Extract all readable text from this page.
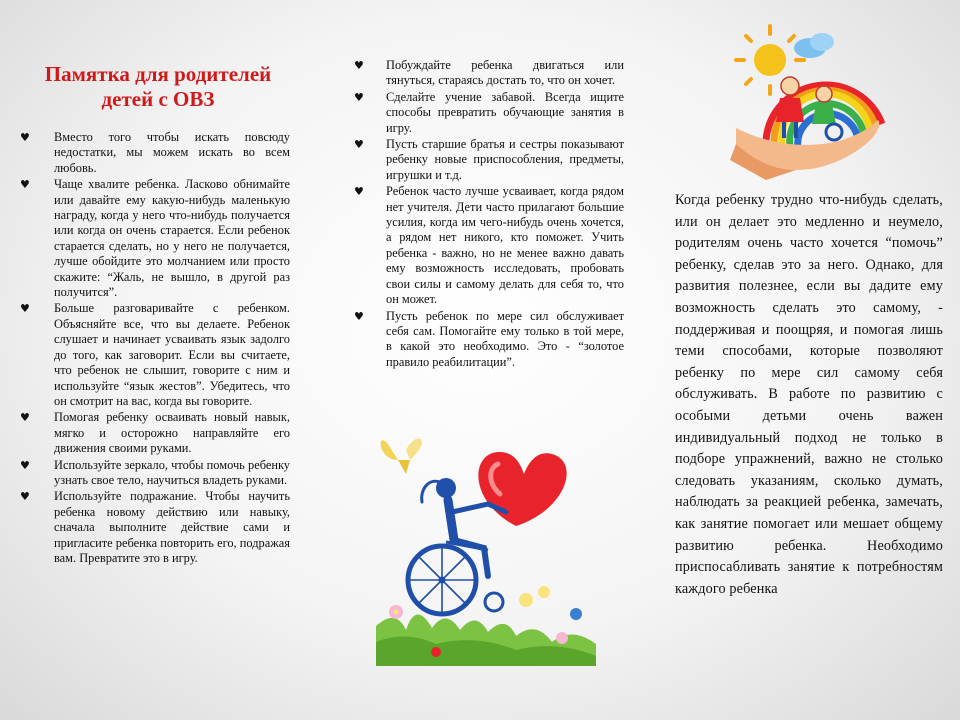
Памятка для родителей
детей с ОВЗ
♥ Вместо того чтобы искать повсюду недостатки, мы можем искать во всем любовь.
♥ Чаще хвалите ребенка. Ласково обнимайте или давайте ему какую-нибудь маленькую награду, когда у него что-нибудь получается или когда он очень старается. Если ребенок старается сделать, но у него не получается, лучше обойдите это молчанием или просто скажите: “Жаль, не вышло, в другой раз получится”.
♥ Больше разговаривайте с ребенком. Объясняйте все, что вы делаете. Ребенок слушает и начинает усваивать язык задолго до того, как заговорит. Если вы считаете, что ребенок не слышит, говорите с ним и используйте “язык жестов”. Убедитесь, что он смотрит на вас, когда вы говорите.
♥ Помогая ребенку осваивать новый навык, мягко и осторожно направляйте его движения своими руками.
♥ Используйте зеркало, чтобы помочь ребенку узнать свое тело, научиться владеть руками.
♥ Используйте подражание. Чтобы научить ребенка новому действию или навыку, сначала выполните действие сами и пригласите ребенка повторить его, подражая вам. Превратите это в игру.
♥ Побуждайте ребенка двигаться или тянуться, стараясь достать то, что он хочет.
♥ Сделайте учение забавой. Всегда ищите способы превратить обучающие занятия в игру.
♥ Пусть старшие братья и сестры показывают ребенку новые приспособления, предметы, игрушки и т.д.
♥ Ребенок часто лучше усваивает, когда рядом нет учителя. Дети часто прилагают большие усилия, когда им чего-нибудь очень хочется, а рядом нет никого, кто поможет. Учить ребенка - важно, но не менее важно давать ему возможность исследовать, пробовать свои силы и самому делать для себя то, что он может.
♥ Пусть ребенок по мере сил обслуживает себя сам. Помогайте ему только в той мере, в какой это необходимо. Это - “золотое правило реабилитации”.

Когда ребенку трудно что-нибудь сделать, или он делает это медленно и неумело, родителям очень часто хочется “помочь” ребенку, сделав это за него. Однако, для развития полезнее, если вы дадите ему возможность сделать это самому, - поддерживая и поощряя, и помогая лишь теми способами, которые позволяют ребенку по мере сил самому себя обслуживать. В работе по развитию с особыми детьми очень важен индивидуальный подход не только в подборе упражнений, важно не столько следовать указаниям, сколько думать, наблюдать за реакцией ребенка, замечать, как занятие помогает или мешает общему развитию ребенка. Необходимо приспосабливать занятие к потребностям каждого ребенка
